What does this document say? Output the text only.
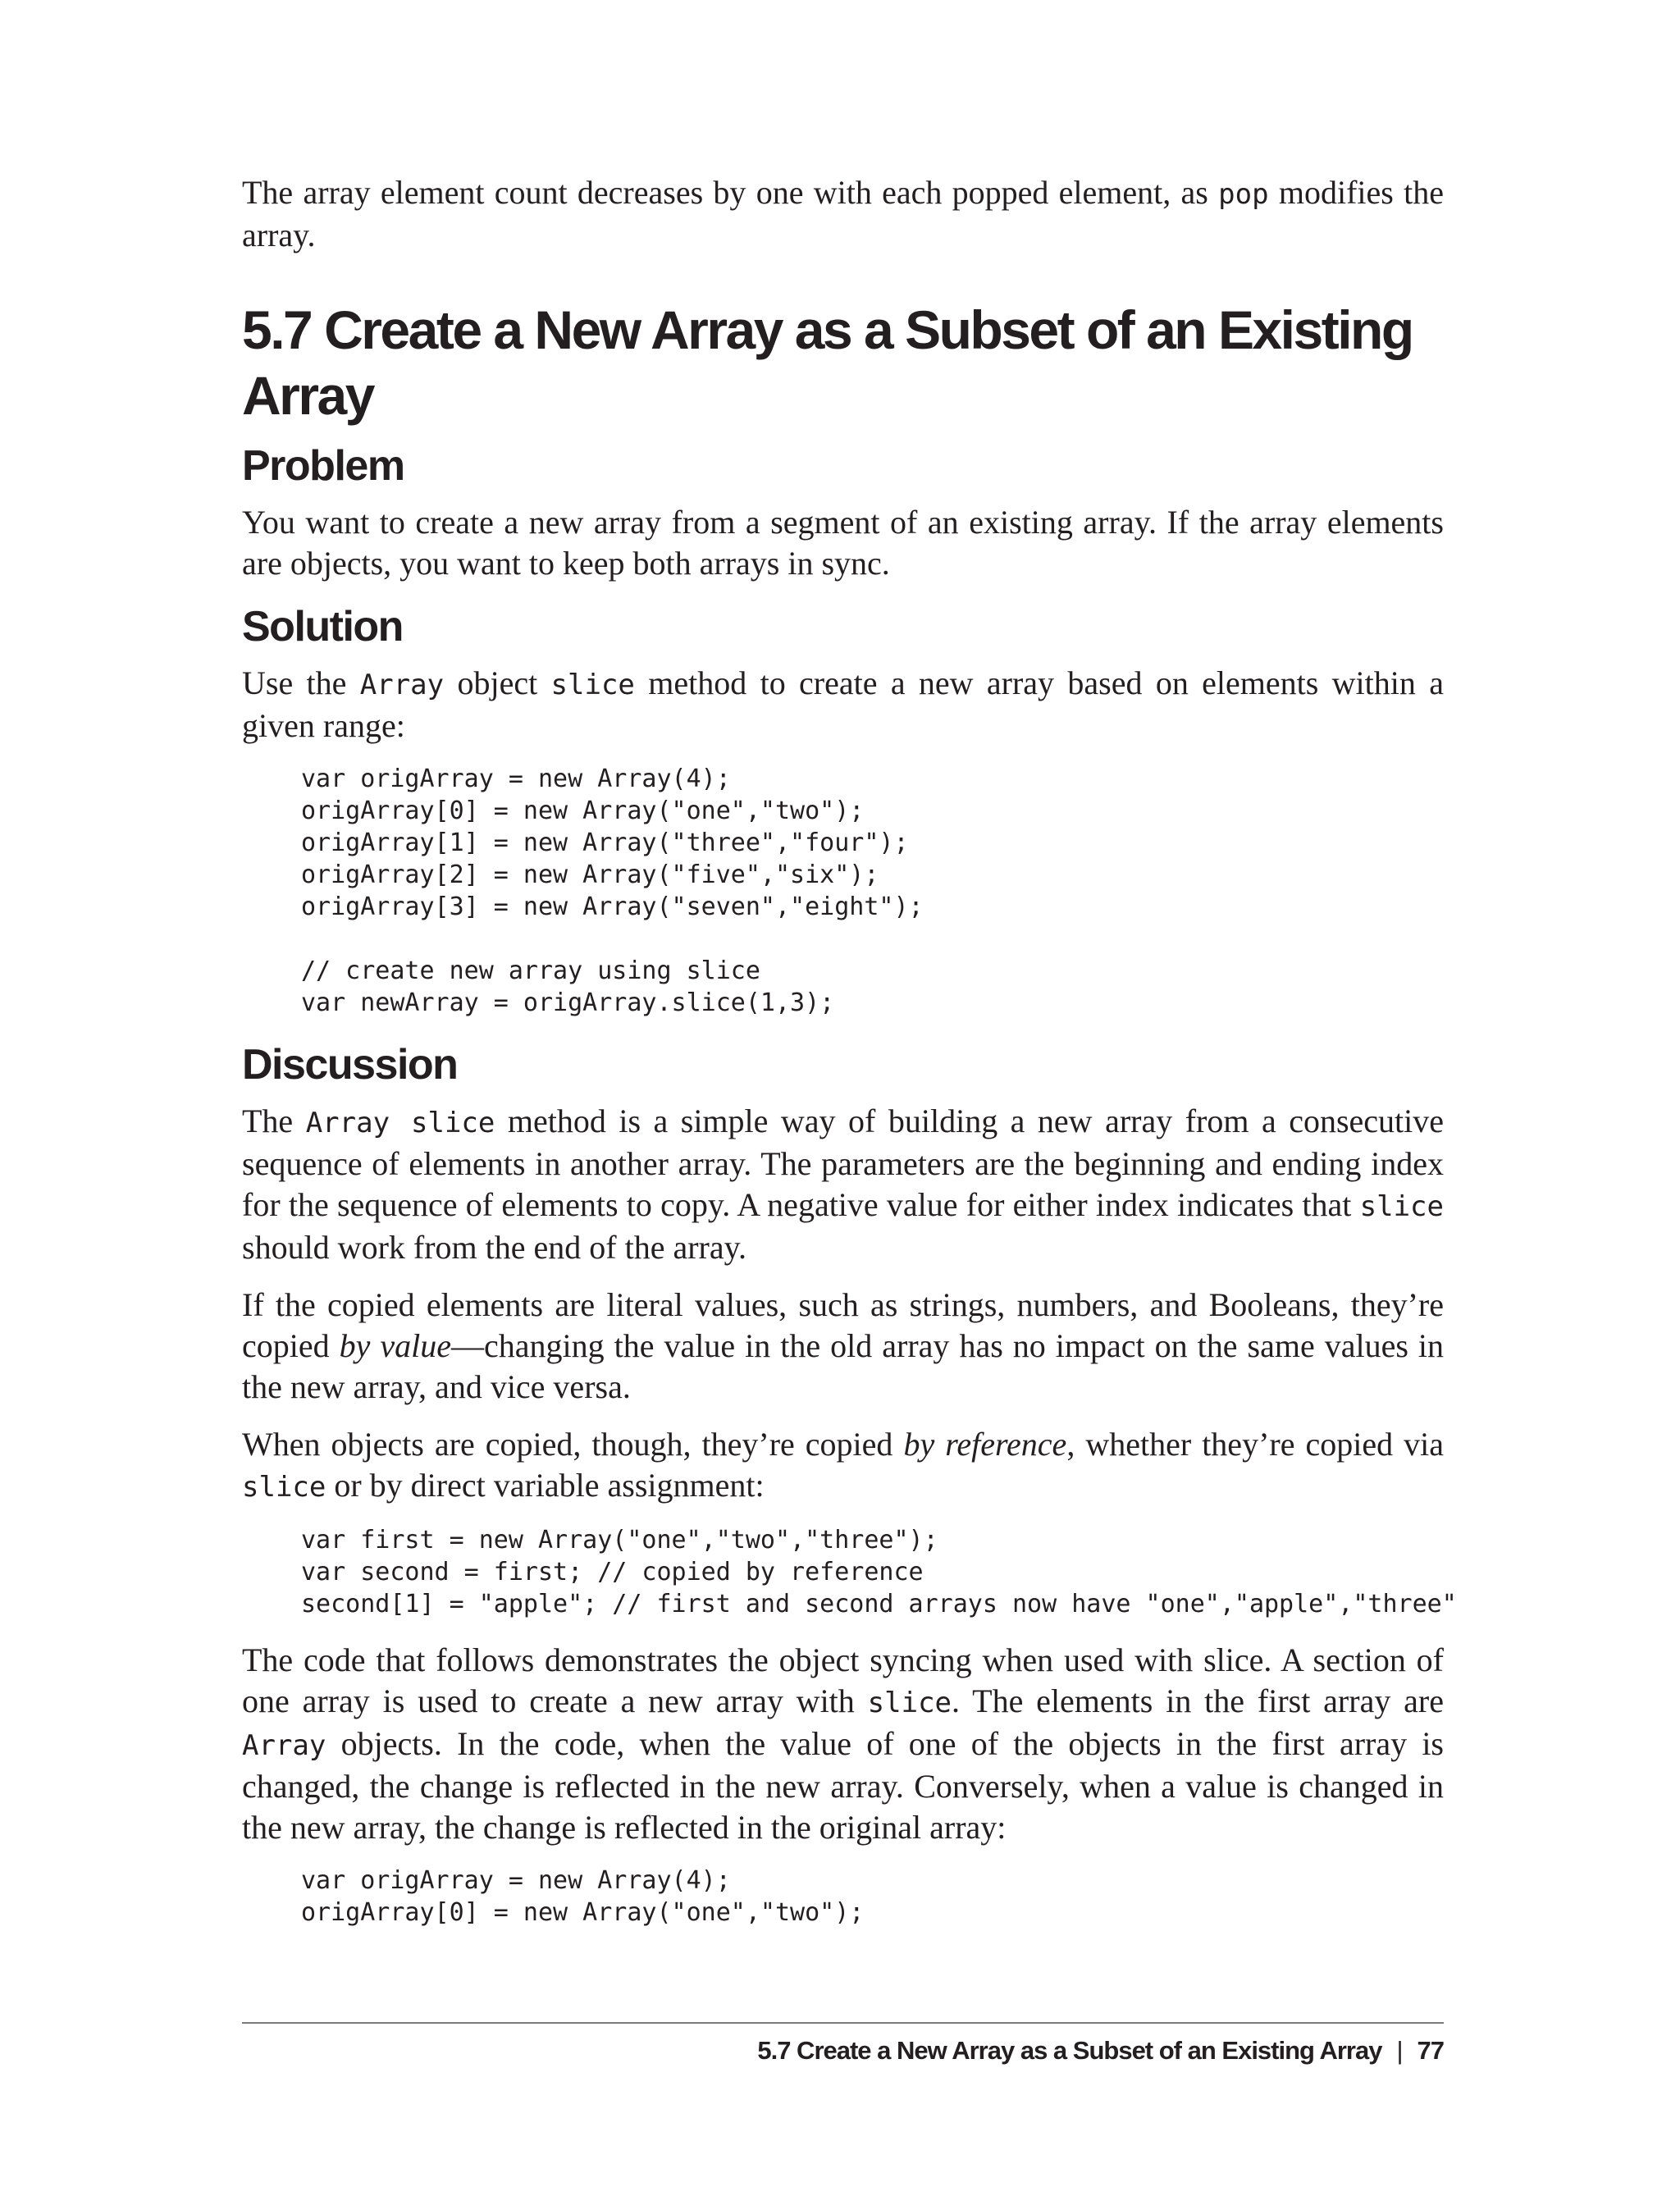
The array element count decreases by one with each popped element, as pop modifies the array.

5.7 Create a New Array as a Subset of an Existing Array
Problem

You want to create a new array from a segment of an existing array. If the array elements are objects, you want to keep both arrays in sync.

Solution

Use the Array object slice method to create a new array based on elements within a given range:

var origArray = new Array(4);
origArray[0] = new Array("one","two");
origArray[1] = new Array("three","four");
origArray[2] = new Array("five","six");
origArray[3] = new Array("seven","eight");

// create new array using slice
var newArray = origArray.slice(1,3);
Discussion

The Array slice method is a simple way of building a new array from a consecutive sequence of elements in another array. The parameters are the beginning and ending index for the sequence of elements to copy. A negative value for either index indicates that slice should work from the end of the array.

If the copied elements are literal values, such as strings, numbers, and Booleans, they’re copied by value—changing the value in the old array has no impact on the same values in the new array, and vice versa.

When objects are copied, though, they’re copied by reference, whether they’re copied via slice or by direct variable assignment:

var first = new Array("one","two","three");
var second = first; // copied by reference
second[1] = "apple"; // first and second arrays now have "one","apple","three"

The code that follows demonstrates the object syncing when used with slice. A section of one array is used to create a new array with slice. The elements in the first array are Array objects. In the code, when the value of one of the objects in the first array is changed, the change is reflected in the new array. Conversely, when a value is changed in the new array, the change is reflected in the original array:

var origArray = new Array(4);
origArray[0] = new Array("one","two");
5.7 Create a New Array as a Subset of an Existing Array | 77
